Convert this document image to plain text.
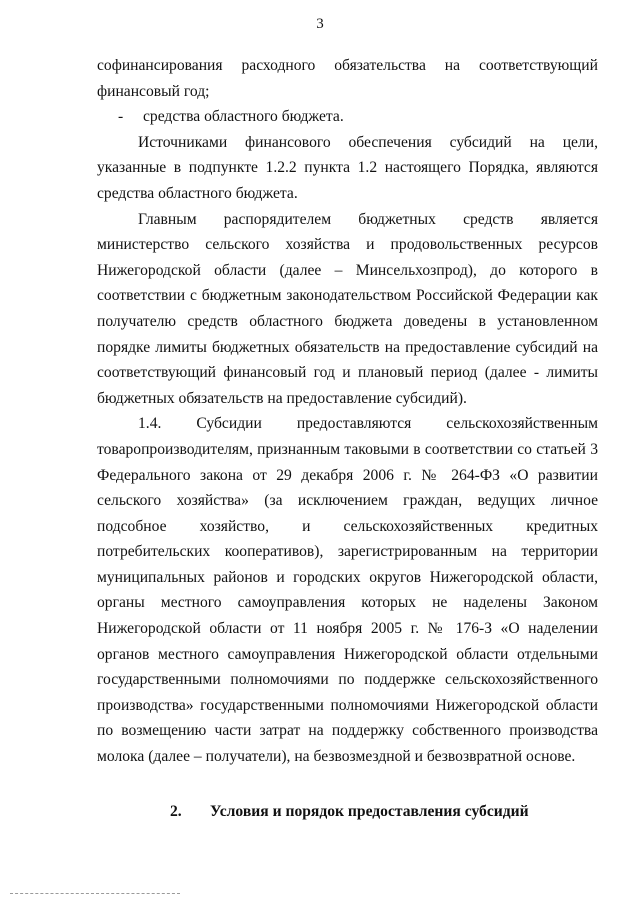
3

софинансирования расходного обязательства на соответствующий финансовый год;

- средства областного бюджета.

Источниками финансового обеспечения субсидий на цели, указанные в подпункте 1.2.2 пункта 1.2 настоящего Порядка, являются средства областного бюджета.

Главным распорядителем бюджетных средств является министерство сельского хозяйства и продовольственных ресурсов Нижегородской области (далее – Минсельхозпрод), до которого в соответствии с бюджетным законодательством Российской Федерации как получателю средств областного бюджета доведены в установленном порядке лимиты бюджетных обязательств на предоставление субсидий на соответствующий финансовый год и плановый период (далее - лимиты бюджетных обязательств на предоставление субсидий).

1.4. Субсидии предоставляются сельскохозяйственным товаропроизводителям, признанным таковыми в соответствии со статьей 3 Федерального закона от 29 декабря 2006 г. № 264-ФЗ «О развитии сельского хозяйства» (за исключением граждан, ведущих личное подсобное хозяйство, и сельскохозяйственных кредитных потребительских кооперативов), зарегистрированным на территории муниципальных районов и городских округов Нижегородской области, органы местного самоуправления которых не наделены Законом Нижегородской области от 11 ноября 2005 г. № 176-З «О наделении органов местного самоуправления Нижегородской области отдельными государственными полномочиями по поддержке сельскохозяйственного производства» государственными полномочиями Нижегородской области по возмещению части затрат на поддержку собственного производства молока (далее – получатели), на безвозмездной и безвозвратной основе.

2. Условия и порядок предоставления субсидий
